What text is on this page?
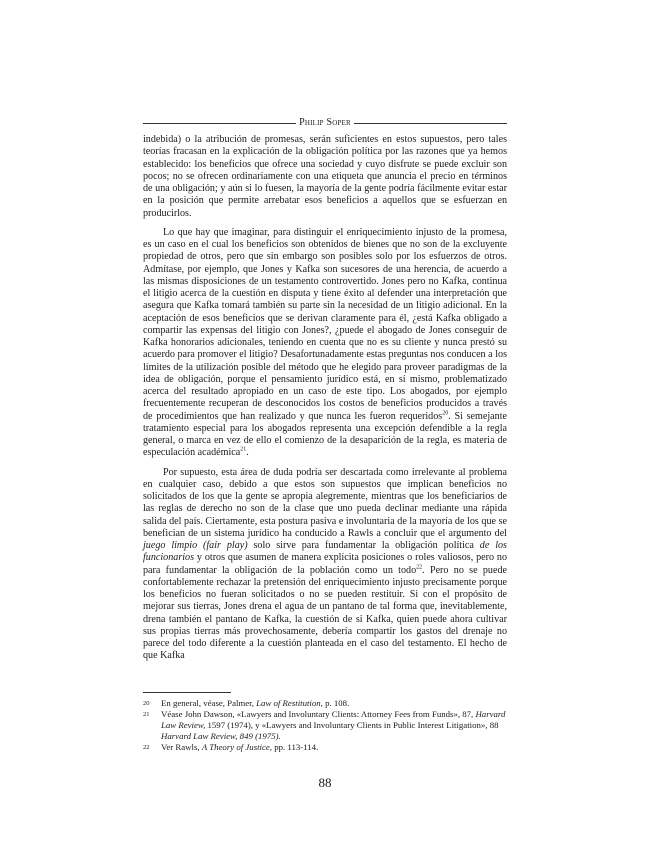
Philip Soper

indebida) o la atribución de promesas, serán suficientes en estos supuestos, pero tales teorías fracasan en la explicación de la obligación política por las razones que ya hemos establecido: los beneficios que ofrece una sociedad y cuyo disfrute se puede excluir son pocos; no se ofrecen ordinariamente con una etiqueta que anuncia el precio en términos de una obligación; y aún si lo fuesen, la mayoría de la gente podría fácilmente evitar estar en la posición que permite arrebatar esos beneficios a aquellos que se esfuerzan en producirlos.

Lo que hay que imaginar, para distinguir el enriquecimiento injusto de la promesa, es un caso en el cual los beneficios son obtenidos de bienes que no son de la excluyente propiedad de otros, pero que sin embargo son posibles solo por los esfuerzos de otros. Admítase, por ejemplo, que Jones y Kafka son sucesores de una herencia, de acuerdo a las mismas disposiciones de un testamento controvertido. Jones pero no Kafka, continua el litigio acerca de la cuestión en disputa y tiene éxito al defender una interpretación que asegura que Kafka tomará también su parte sin la necesidad de un litigio adicional. En la aceptación de esos beneficios que se derivan claramente para él, ¿está Kafka obligado a compartir las expensas del litigio con Jones?, ¿puede el abogado de Jones conseguir de Kafka honorarios adicionales, teniendo en cuenta que no es su cliente y nunca prestó su acuerdo para promover el litigio? Desafortunadamente estas preguntas nos conducen a los límites de la utilización posible del método que he elegido para proveer paradigmas de la idea de obligación, porque el pensamiento jurídico está, en sí mismo, problematizado acerca del resultado apropiado en un caso de este tipo. Los abogados, por ejemplo frecuentemente recuperan de desconocidos los costos de beneficios producidos a través de procedimientos que han realizado y que nunca les fueron requeridos$^{20}$. Si semejante tratamiento especial para los abogados representa una excepción defendible a la regla general, o marca en vez de ello el comienzo de la desaparición de la regla, es materia de especulación académica$^{21}$.

Por supuesto, esta área de duda podría ser descartada como irrelevante al problema en cualquier caso, debido a que estos son supuestos que implican beneficios no solicitados de los que la gente se apropia alegremente, mientras que los beneficiarios de las reglas de derecho no son de la clase que uno pueda declinar mediante una rápida salida del país. Ciertamente, esta postura pasiva e involuntaria de la mayoría de los que se benefician de un sistema jurídico ha conducido a Rawls a concluir que el argumento del juego limpio (fair play) solo sirve para fundamentar la obligación política de los funcionarios y otros que asumen de manera explícita posiciones o roles valiosos, pero no para fundamentar la obligación de la población como un todo$^{22}$. Pero no se puede confortablemente rechazar la pretensión del enriquecimiento injusto precisamente porque los beneficios no fueran solicitados o no se pueden restituir. Si con el propósito de mejorar sus tierras, Jones drena el agua de un pantano de tal forma que, inevitablemente, drena también el pantano de Kafka, la cuestión de si Kafka, quien puede ahora cultivar sus propias tierras más provechosamente, debería compartir los gastos del drenaje no parece del todo diferente a la cuestión planteada en el caso del testamento. El hecho de que Kafka

20	En general, véase, Palmer, Law of Restitution, p. 108.
21	Véase John Dawson, «Lawyers and Involuntary Clients: Attorney Fees from Funds», 87, Harvard Law Review, 1597 (1974), y «Lawyers and Involuntary Clients in Public Interest Litigation», 88 Harvard Law Review, 849 (1975).
22	Ver Rawls, A Theory of Justice, pp. 113-114.
88
